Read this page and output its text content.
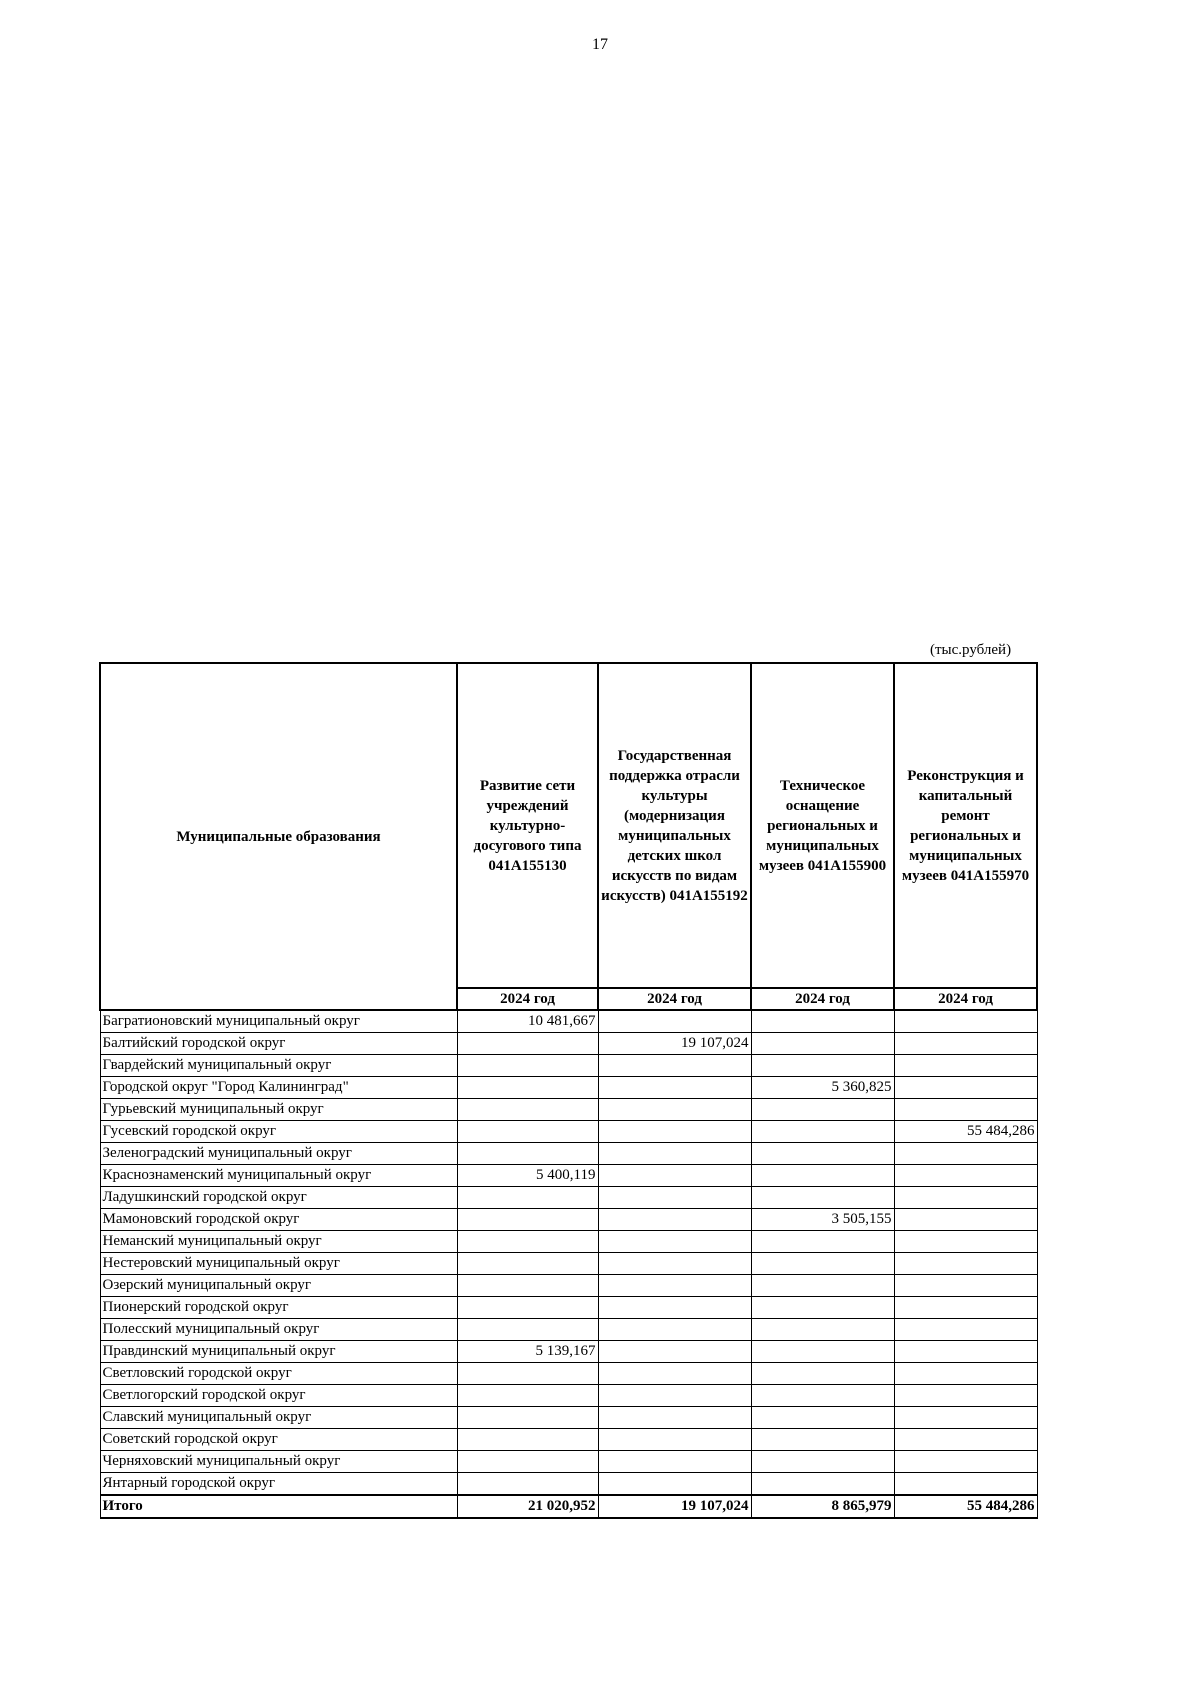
17
(тыс.рублей)
Муниципальные образования	Развитие сети учреждений культурно-досугового типа 041А155130	Государственная поддержка отрасли культуры (модернизация муниципальных детских школ искусств по видам искусств) 041А155192	Техническое оснащение региональных и муниципальных музеев 041А155900	Реконструкция и капитальный ремонт региональных и муниципальных музеев 041А155970
	2024 год	2024 год	2024 год	2024 год
Багратионовский муниципальный округ	10 481,667			
Балтийский городской округ		19 107,024		
Гвардейский муниципальный округ				
Городской округ "Город Калининград"			5 360,825	
Гурьевский муниципальный округ				
Гусевский городской округ				55 484,286
Зеленоградский муниципальный округ				
Краснознаменский муниципальный округ	5 400,119			
Ладушкинский городской округ				
Мамоновский городской округ			3 505,155	
Неманский муниципальный округ				
Нестеровский муниципальный округ				
Озерский муниципальный округ				
Пионерский городской округ				
Полесский муниципальный округ				
Правдинский муниципальный округ	5 139,167			
Светловский городской округ				
Светлогорский городской округ				
Славский муниципальный округ				
Советский городской округ				
Черняховский муниципальный округ				
Янтарный городской округ				
Итого	21 020,952	19 107,024	8 865,979	55 484,286
